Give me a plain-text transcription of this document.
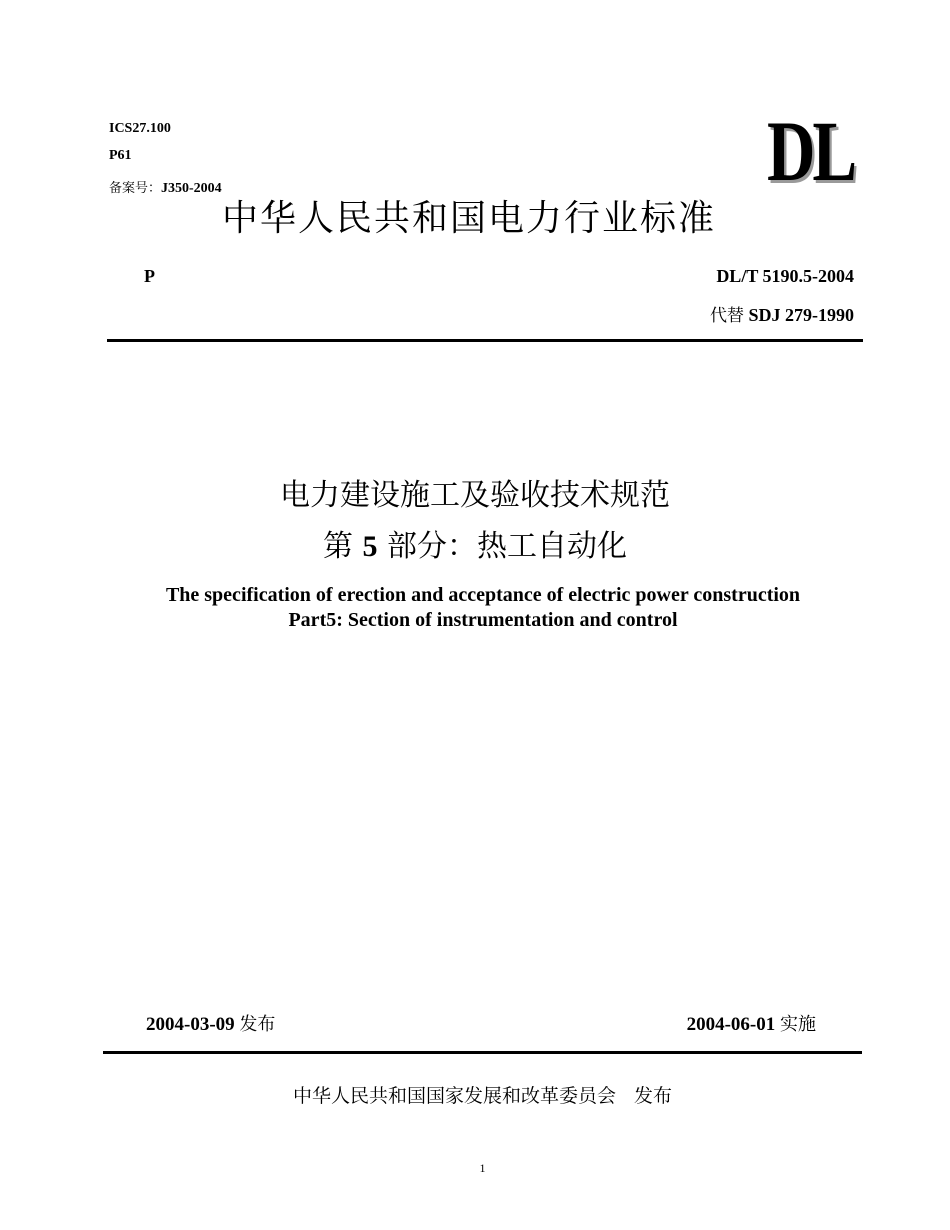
ICS27.100
P61
备案号：J350-2004	DL
中华人民共和国电力行业标准
P	DL/T 5190.5-2004
代替 SDJ 279-1990
电力建设施工及验收技术规范
第 5 部分：热工自动化
The specification of erection and acceptance of electric power construction
Part5: Section of instrumentation and control
2004-03-09 发布	2004-06-01 实施
中华人民共和国国家发展和改革委员会 发布
1
